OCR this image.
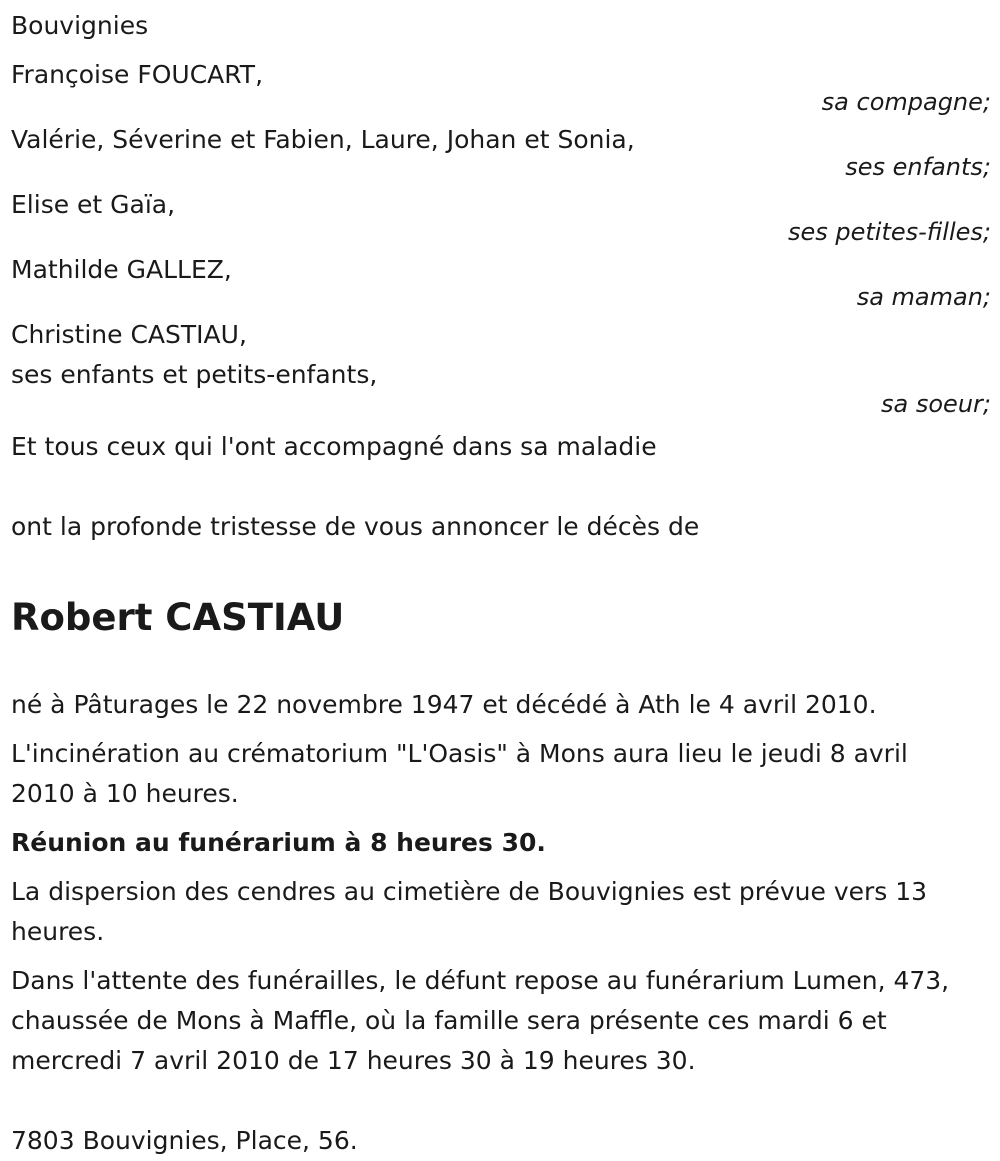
Bouvignies
Françoise FOUCART,
sa compagne;
Valérie, Séverine et Fabien, Laure, Johan et Sonia,
ses enfants;
Elise et Gaïa,
ses petites-filles;
Mathilde GALLEZ,
sa maman;
Christine CASTIAU,
ses enfants et petits-enfants,
sa soeur;
Et tous ceux qui l'ont accompagné dans sa maladie
ont la profonde tristesse de vous annoncer le décès de
Robert CASTIAU
né à Pâturages le 22 novembre 1947 et décédé à Ath le 4 avril 2010.
L'incinération au crématorium "L'Oasis" à Mons aura lieu le jeudi 8 avril 2010 à 10 heures.
Réunion au funérarium à 8 heures 30.
La dispersion des cendres au cimetière de Bouvignies est prévue vers 13 heures.
Dans l'attente des funérailles, le défunt repose au funérarium Lumen, 473, chaussée de Mons à Maffle, où la famille sera présente ces mardi 6 et mercredi 7 avril 2010 de 17 heures 30 à 19 heures 30.
7803 Bouvignies, Place, 56.
